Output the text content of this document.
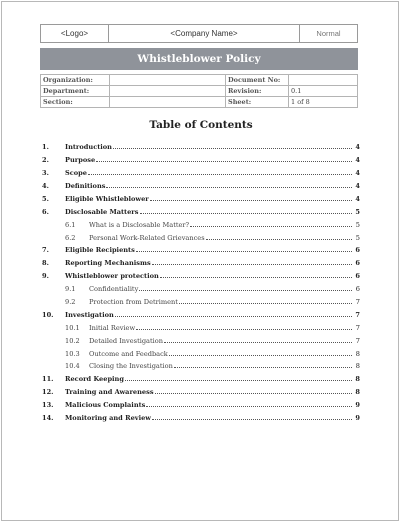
<Logo>	<Company Name>	Normal
Whistleblower Policy
Organization:		Document No:	
Department:		Revision:	0.1
Section:		Sheet:	1 of 8
Table of Contents
1.	Introduction	4
2.	Purpose	4
3.	Scope	4
4.	Definitions	4
5.	Eligible Whistleblower	4
6.	Disclosable Matters	5
6.1	What is a Disclosable Matter?	5
6.2	Personal Work-Related Grievances	5
7.	Eligible Recipients	6
8.	Reporting Mechanisms	6
9.	Whistleblower protection	6
9.1	Confidentiality	6
9.2	Protection from Detriment	7
10.	Investigation	7
10.1	Initial Review	7
10.2	Detailed Investigation	7
10.3	Outcome and Feedback	8
10.4	Closing the Investigation	8
11.	Record Keeping	8
12.	Training and Awareness	8
13.	Malicious Complaints	9
14.	Monitoring and Review	9
